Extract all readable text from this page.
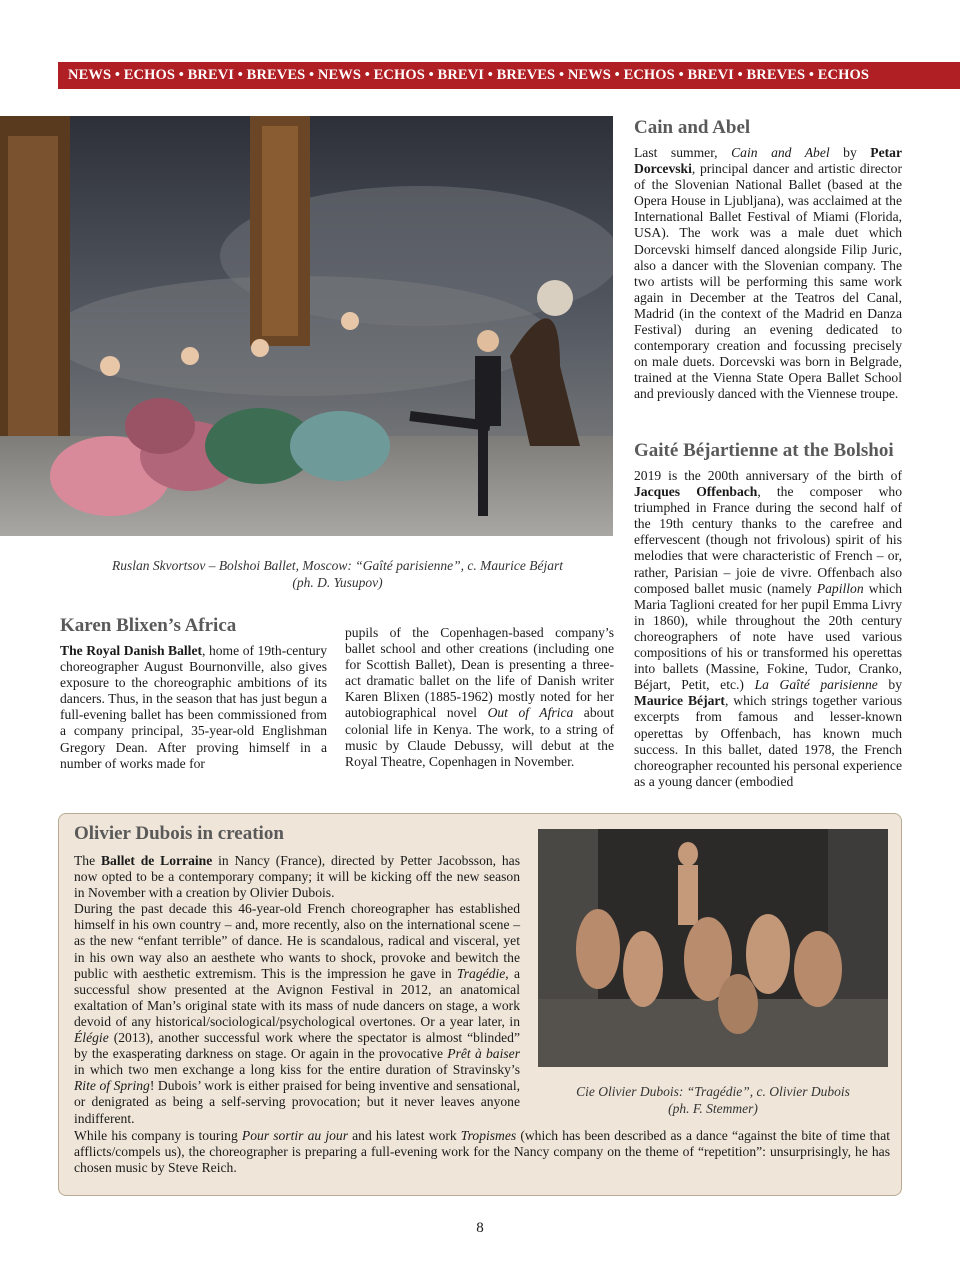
NEWS • ECHOS • BREVI • BREVES • NEWS • ECHOS • BREVI • BREVES • NEWS • ECHOS • BREVI • BREVES • ECHOS
Ruslan Skvortsov – Bolshoi Ballet, Moscow: “Gaîté parisienne”, c. Maurice Béjart
(ph. D. Yusupov)
Cain and Abel

Last summer, Cain and Abel by Petar Dorcevski, principal dancer and artistic director of the Slovenian National Ballet (based at the Opera House in Ljubljana), was acclaimed at the International Ballet Festival of Miami (Florida, USA). The work was a male duet which Dorcevski himself danced alongside Filip Juric, also a dancer with the Slovenian company. The two artists will be performing this same work again in December at the Teatros del Canal, Madrid (in the context of the Madrid en Danza Festival) during an evening dedicated to contemporary creation and focussing precisely on male duets. Dorcevski was born in Belgrade, trained at the Vienna State Opera Ballet School and previously danced with the Viennese troupe.

Gaité Béjartienne at the Bolshoi

2019 is the 200th anniversary of the birth of Jacques Offenbach, the composer who triumphed in France during the second half of the 19th century thanks to the carefree and effervescent (though not frivolous) spirit of his melodies that were characteristic of French – or, rather, Parisian – joie de vivre. Offenbach also composed ballet music (namely Papillon which Maria Taglioni created for her pupil Emma Livry in 1860), while throughout the 20th century choreographers of note have used various compositions of his or transformed his operettas into ballets (Massine, Fokine, Tudor, Cranko, Béjart, Petit, etc.) La Gaîté parisienne by Maurice Béjart, which strings together various excerpts from famous and lesser-known operettas by Offenbach, has known much success. In this ballet, dated 1978, the French choreographer recounted his personal experience as a young dancer (embodied

Karen Blixen’s Africa

The Royal Danish Ballet, home of 19th-century choreographer August Bournonville, also gives exposure to the choreographic ambitions of its dancers. Thus, in the season that has just begun a full-evening ballet has been commissioned from a company principal, 35-year-old Englishman Gregory Dean. After proving himself in a number of works made for

pupils of the Copenhagen-based company’s ballet school and other creations (including one for Scottish Ballet), Dean is presenting a three-act dramatic ballet on the life of Danish writer Karen Blixen (1885-1962) mostly noted for her autobiographical novel Out of Africa about colonial life in Kenya. The work, to a string of music by Claude Debussy, will debut at the Royal Theatre, Copenhagen in November.

Olivier Dubois in creation

The Ballet de Lorraine in Nancy (France), directed by Petter Jacobsson, has now opted to be a contemporary company; it will be kicking off the new season in November with a creation by Olivier Dubois.

During the past decade this 46-year-old French choreographer has established himself in his own country – and, more recently, also on the international scene – as the new “enfant terrible” of dance. He is scandalous, radical and visceral, yet in his own way also an aesthete who wants to shock, provoke and bewitch the public with aesthetic extremism. This is the impression he gave in Tragédie, a successful show presented at the Avignon Festival in 2012, an anatomical exaltation of Man’s original state with its mass of nude dancers on stage, a work devoid of any historical/sociological/psychological overtones. Or a year later, in Élégie (2013), another successful work where the spectator is almost “blinded” by the exasperating darkness on stage. Or again in the provocative Prêt à baiser in which two men exchange a long kiss for the entire duration of Stravinsky’s Rite of Spring! Dubois’ work is either praised for being inventive and sensational, or denigrated as being a self-serving provocation; but it never leaves anyone indifferent.

While his company is touring Pour sortir au jour and his latest work Tropismes (which has been described as a dance “against the bite of time that afflicts/compels us), the choreographer is preparing a full-evening work for the Nancy company on the theme of “repetition”: unsurprisingly, he has chosen music by Steve Reich.

Cie Olivier Dubois: “Tragédie”, c. Olivier Dubois
(ph. F. Stemmer)
8
